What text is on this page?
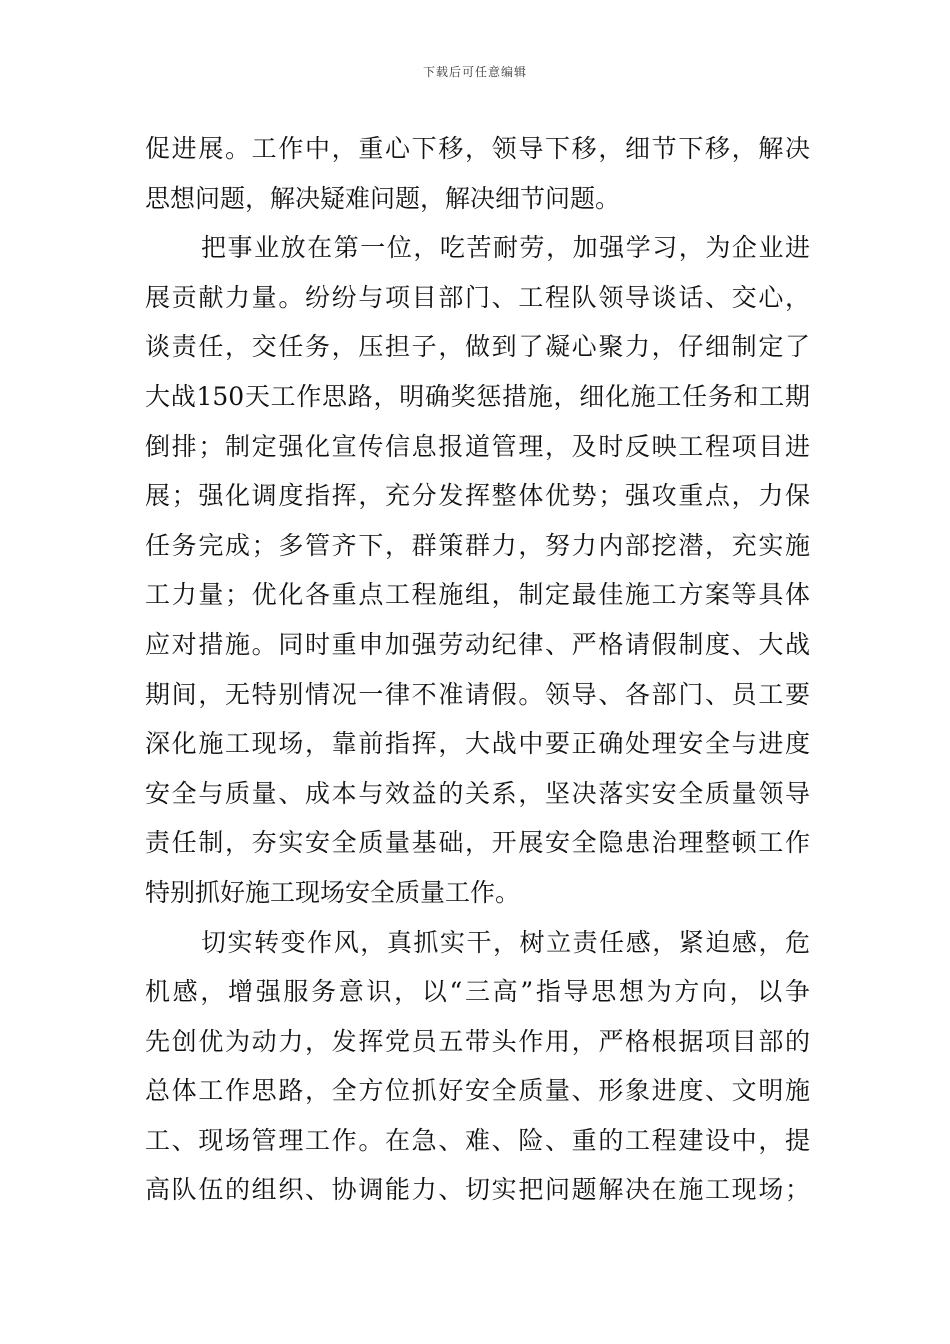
下载后可任意编辑
促进展。工作中，重心下移，领导下移，细节下移，解决
思想问题，解决疑难问题，解决细节问题。
把事业放在第一位，吃苦耐劳，加强学习，为企业进
展贡献力量。纷纷与项目部门、工程队领导谈话、交心，
谈责任，交任务，压担子，做到了凝心聚力，仔细制定了
大战150天工作思路，明确奖惩措施，细化施工任务和工期
倒排；制定强化宣传信息报道管理，及时反映工程项目进
展；强化调度指挥，充分发挥整体优势；强攻重点，力保
任务完成；多管齐下，群策群力，努力内部挖潜，充实施
工力量；优化各重点工程施组，制定最佳施工方案等具体
应对措施。同时重申加强劳动纪律、严格请假制度、大战
期间，无特别情况一律不准请假。领导、各部门、员工要
深化施工现场，靠前指挥，大战中要正确处理安全与进度
安全与质量、成本与效益的关系，坚决落实安全质量领导
责任制，夯实安全质量基础，开展安全隐患治理整顿工作
特别抓好施工现场安全质量工作。
切实转变作风，真抓实干，树立责任感，紧迫感，危
机感，增强服务意识，以“三高”指导思想为方向，以争
先创优为动力，发挥党员五带头作用，严格根据项目部的
总体工作思路，全方位抓好安全质量、形象进度、文明施
工、现场管理工作。在急、难、险、重的工程建设中，提
高队伍的组织、协调能力、切实把问题解决在施工现场；
